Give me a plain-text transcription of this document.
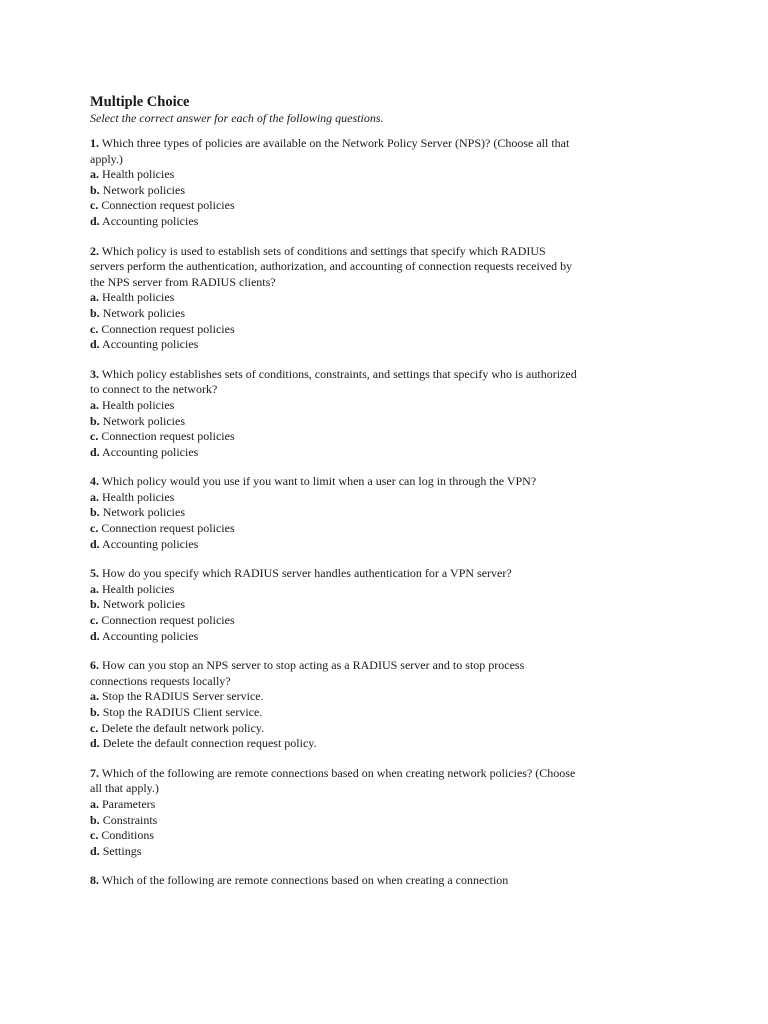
Multiple Choice

Select the correct answer for each of the following questions.

1. Which three types of policies are available on the Network Policy Server (NPS)? (Choose all that apply.)
a. Health policies
b. Network policies
c. Connection request policies
d. Accounting policies
2. Which policy is used to establish sets of conditions and settings that specify which RADIUS servers perform the authentication, authorization, and accounting of connection requests received by the NPS server from RADIUS clients?
a. Health policies
b. Network policies
c. Connection request policies
d. Accounting policies
3. Which policy establishes sets of conditions, constraints, and settings that specify who is authorized to connect to the network?
a. Health policies
b. Network policies
c. Connection request policies
d. Accounting policies
4. Which policy would you use if you want to limit when a user can log in through the VPN?
a. Health policies
b. Network policies
c. Connection request policies
d. Accounting policies
5. How do you specify which RADIUS server handles authentication for a VPN server?
a. Health policies
b. Network policies
c. Connection request policies
d. Accounting policies
6. How can you stop an NPS server to stop acting as a RADIUS server and to stop process connections requests locally?
a. Stop the RADIUS Server service.
b. Stop the RADIUS Client service.
c. Delete the default network policy.
d. Delete the default connection request policy.
7. Which of the following are remote connections based on when creating network policies? (Choose all that apply.)
a. Parameters
b. Constraints
c. Conditions
d. Settings
8. Which of the following are remote connections based on when creating a connection
